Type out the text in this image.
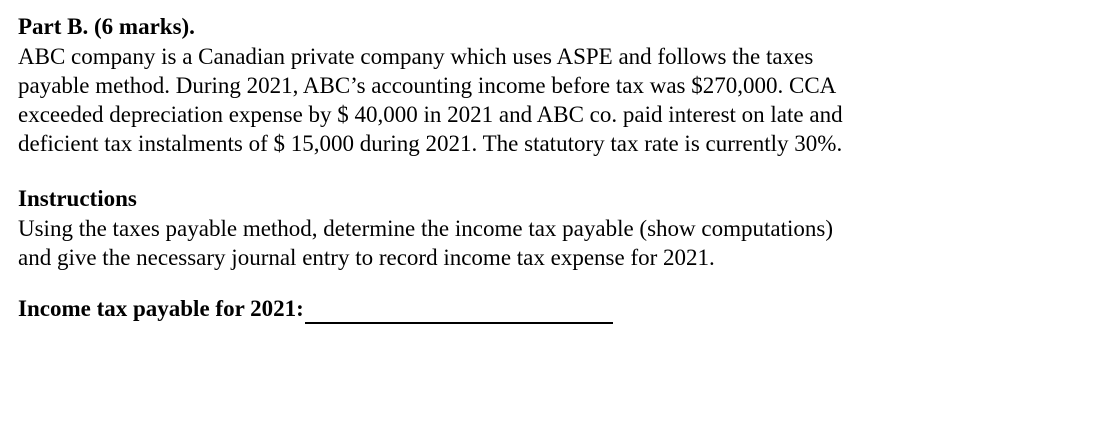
Part B. (6 marks).

ABC company is a Canadian private company which uses ASPE and follows the taxes
payable method. During 2021, ABC’s accounting income before tax was $270,000. CCA
exceeded depreciation expense by $ 40,000 in 2021 and ABC co. paid interest on late and
deficient tax instalments of $ 15,000 during 2021. The statutory tax rate is currently 30%.

Instructions

Using the taxes payable method, determine the income tax payable (show computations)
and give the necessary journal entry to record income tax expense for 2021.

Income tax payable for 2021:
